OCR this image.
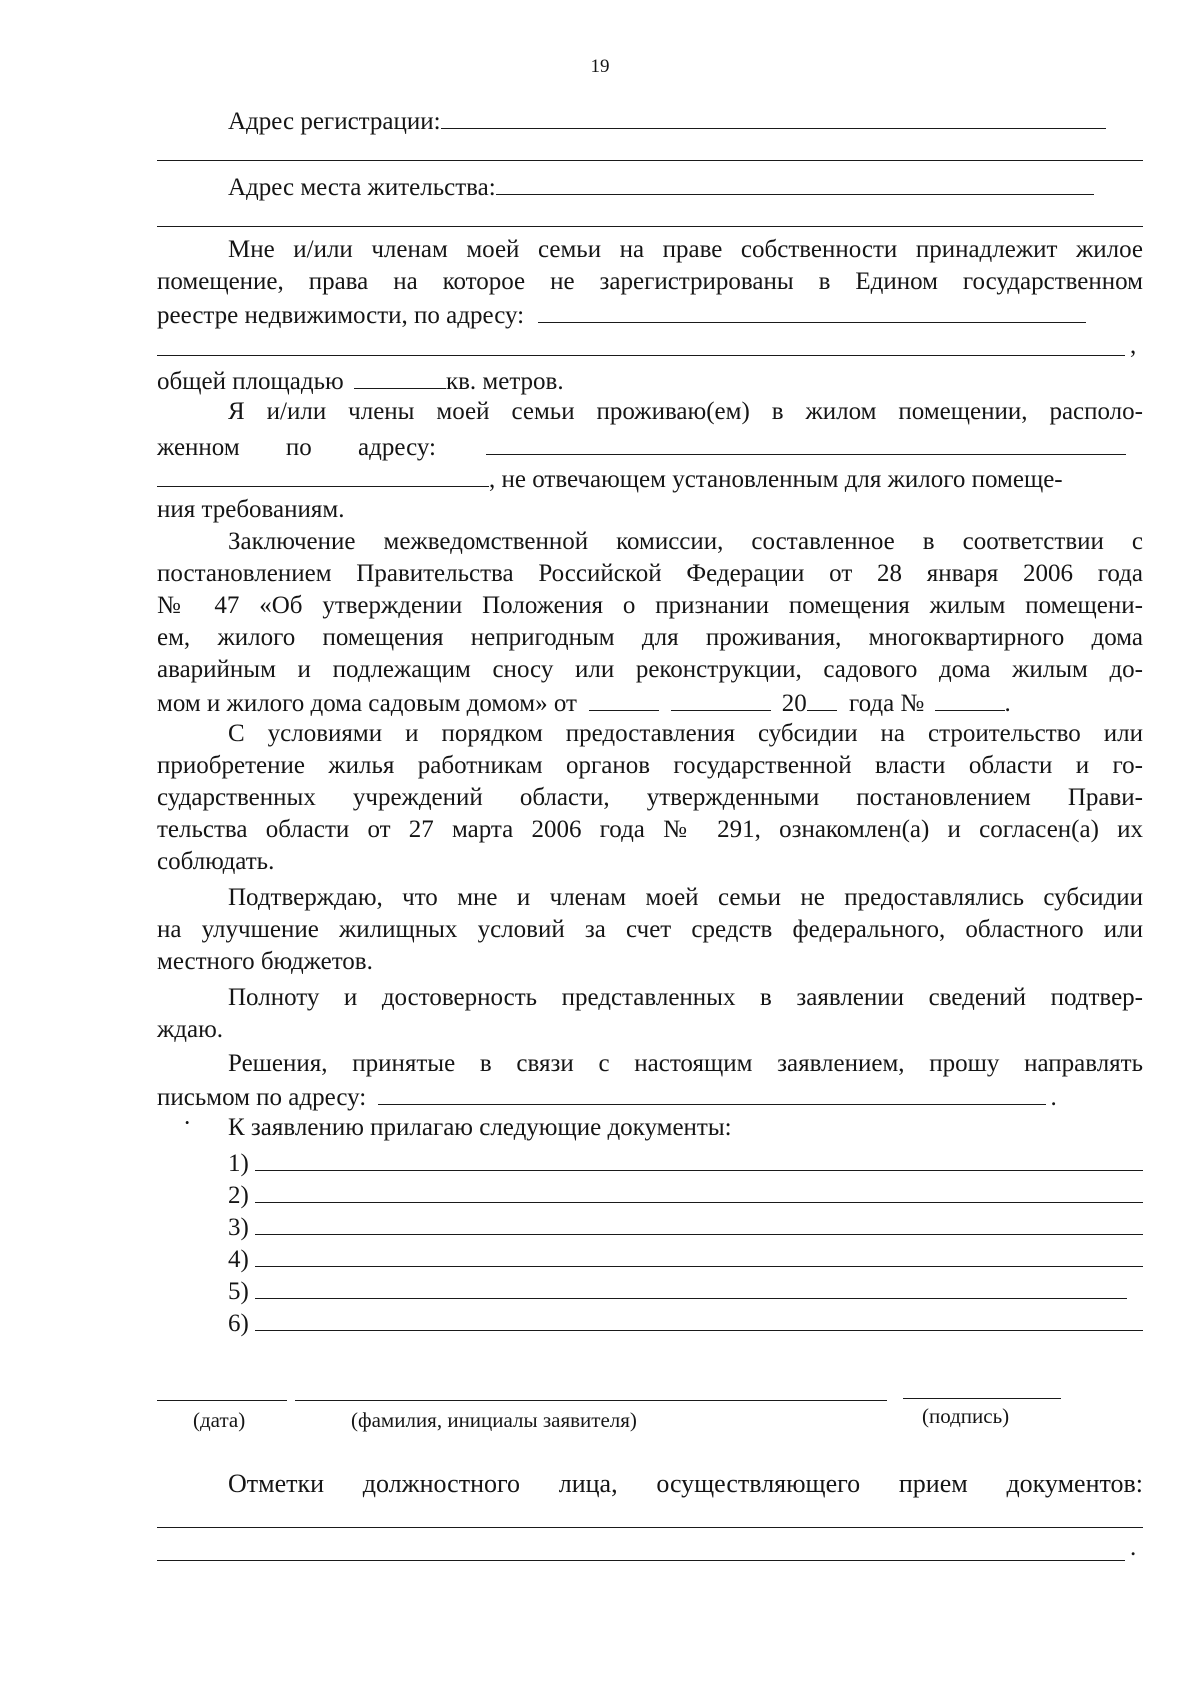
19
Адрес регистрации:
Адрес места жительства:
Мне и/или членам моей семьи на праве собственности принадлежит жилое
помещение, права на которое не зарегистрированы в Едином государственном
реестре недвижимости, по адресу:
,
общей площадью	кв. метров.
Я и/или члены моей семьи проживаю(ем) в жилом помещении, располо-
женном по адресу:
, не отвечающем установленным для жилого помеще-
ния требованиям.
Заключение межведомственной комиссии, составленное в соответствии с
постановлением Правительства Российской Федерации от 28 января 2006 года
№ 47 «Об утверждении Положения о признании помещения жилым помещени-
ем, жилого помещения непригодным для проживания, многоквартирного дома
аварийным и подлежащим сносу или реконструкции, садового дома жилым до-
мом и жилого дома садовым домом» от	20 года №	.
С условиями и порядком предоставления субсидии на строительство или
приобретение жилья работникам органов государственной власти области и го-
сударственных учреждений области, утвержденными постановлением Прави-
тельства области от 27 марта 2006 года № 291, ознакомлен(а) и согласен(а) их
соблюдать.
Подтверждаю, что мне и членам моей семьи не предоставлялись субсидии
на улучшение жилищных условий за счет средств федерального, областного или
местного бюджетов.
Полноту и достоверность представленных в заявлении сведений подтвер-
ждаю.
Решения, принятые в связи с настоящим заявлением, прошу направлять
письмом по адресу:	.
·	К заявлению прилагаю следующие документы:
1)
2)
3)
4)
5)
6)
(дата)	(фамилия, инициалы заявителя)	(подпись)
Отметки должностного лица, осуществляющего прием документов:
.
